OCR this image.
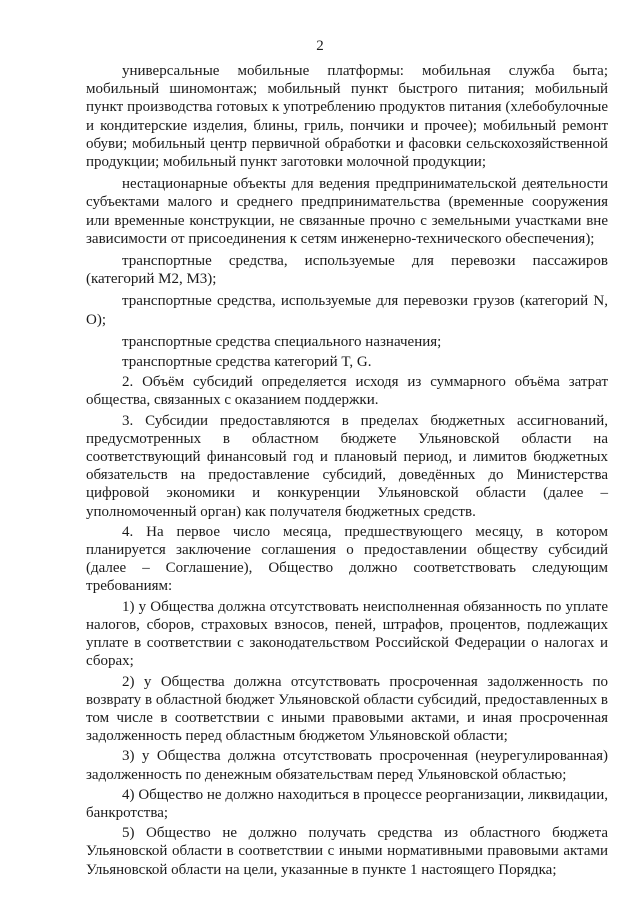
2

универсальные мобильные платформы: мобильная служба быта; мобильный шиномонтаж; мобильный пункт быстрого питания; мобильный пункт производства готовых к употреблению продуктов питания (хлебобулочные и кондитерские изделия, блины, гриль, пончики и прочее); мобильный ремонт обуви; мобильный центр первичной обработки и фасовки сельскохозяйственной продукции; мобильный пункт заготовки молочной продукции;

нестационарные объекты для ведения предпринимательской деятельности субъектами малого и среднего предпринимательства (временные сооружения или временные конструкции, не связанные прочно с земельными участками вне зависимости от присоединения к сетям инженерно-технического обеспечения);

транспортные средства, используемые для перевозки пассажиров (категорий M2, M3);

транспортные средства, используемые для перевозки грузов (категорий N, O);

транспортные средства специального назначения;

транспортные средства категорий T, G.

2. Объём субсидий определяется исходя из суммарного объёма затрат общества, связанных с оказанием поддержки.

3. Субсидии предоставляются в пределах бюджетных ассигнований, предусмотренных в областном бюджете Ульяновской области на соответствующий финансовый год и плановый период, и лимитов бюджетных обязательств на предоставление субсидий, доведённых до Министерства цифровой экономики и конкуренции Ульяновской области (далее – уполномоченный орган) как получателя бюджетных средств.

4. На первое число месяца, предшествующего месяцу, в котором планируется заключение соглашения о предоставлении обществу субсидий (далее – Соглашение), Общество должно соответствовать следующим требованиям:

1) у Общества должна отсутствовать неисполненная обязанность по уплате налогов, сборов, страховых взносов, пеней, штрафов, процентов, подлежащих уплате в соответствии с законодательством Российской Федерации о налогах и сборах;

2) у Общества должна отсутствовать просроченная задолженность по возврату в областной бюджет Ульяновской области субсидий, предоставленных в том числе в соответствии с иными правовыми актами, и иная просроченная задолженность перед областным бюджетом Ульяновской области;

3) у Общества должна отсутствовать просроченная (неурегулированная) задолженность по денежным обязательствам перед Ульяновской областью;

4) Общество не должно находиться в процессе реорганизации, ликвидации, банкротства;

5) Общество не должно получать средства из областного бюджета Ульяновской области в соответствии с иными нормативными правовыми актами Ульяновской области на цели, указанные в пункте 1 настоящего Порядка;
